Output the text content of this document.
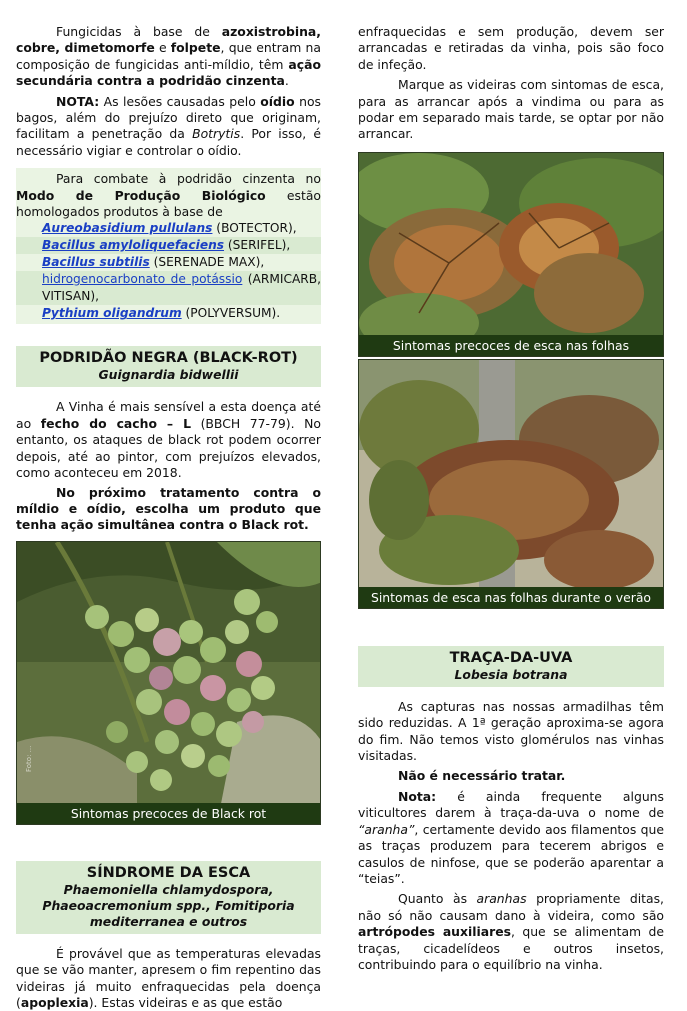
Fungicidas à base de azoxistrobina, cobre, dimetomorfe e folpete, que entram na composição de fungicidas anti-míldio, têm ação secundária contra a podridão cinzenta.

NOTA: As lesões causadas pelo oídio nos bagos, além do prejuízo direto que originam, facilitam a penetração da Botrytis. Por isso, é necessário vigiar e controlar o oídio.

Para combate à podridão cinzenta no Modo de Produção Biológico estão homologados produtos à base de

Aureobasidium pullulans (BOTECTOR),
Bacillus amyloliquefaciens (SERIFEL),
Bacillus subtilis (SERENADE MAX),
hidrogenocarbonato de potássio (ARMICARB, VITISAN),
Pythium oligandrum (POLYVERSUM).
PODRIDÃO NEGRA (BLACK-ROT)
Guignardia bidwellii

A Vinha é mais sensível a esta doença até ao fecho do cacho – L (BBCH 77-79). No entanto, os ataques de black rot podem ocorrer depois, até ao pintor, com prejuízos elevados, como aconteceu em 2018.

No próximo tratamento contra o míldio e oídio, escolha um produto que tenha ação simultânea contra o Black rot.

Foto: ...
Sintomas precoces de Black rot
SÍNDROME DA ESCA
Phaemoniella chlamydospora, Phaeoacremonium spp., Fomitiporia mediterranea e outros

É provável que as temperaturas elevadas que se vão manter, apresem o fim repentino das videiras já muito enfraquecidas pela doença (apoplexia). Estas videiras e as que estão

enfraquecidas e sem produção, devem ser arrancadas e retiradas da vinha, pois são foco de infeção.

Marque as videiras com sintomas de esca, para as arrancar após a vindima ou para as podar em separado mais tarde, se optar por não arrancar.

Sintomas precoces de esca nas folhas
Sintomas de esca nas folhas durante o verão
TRAÇA-DA-UVA
Lobesia botrana

As capturas nas nossas armadilhas têm sido reduzidas. A 1ª geração aproxima-se agora do fim. Não temos visto glomérulos nas vinhas visitadas.

Não é necessário tratar.

Nota: é ainda frequente alguns viticultores darem à traça-da-uva o nome de “aranha”, certamente devido aos filamentos que as traças produzem para tecerem abrigos e casulos de ninfose, que se poderão aparentar a “teias”.

Quanto às aranhas propriamente ditas, não só não causam dano à videira, como são artrópodes auxiliares, que se alimentam de traças, cicadelídeos e outros insetos, contribuindo para o equilíbrio na vinha.
